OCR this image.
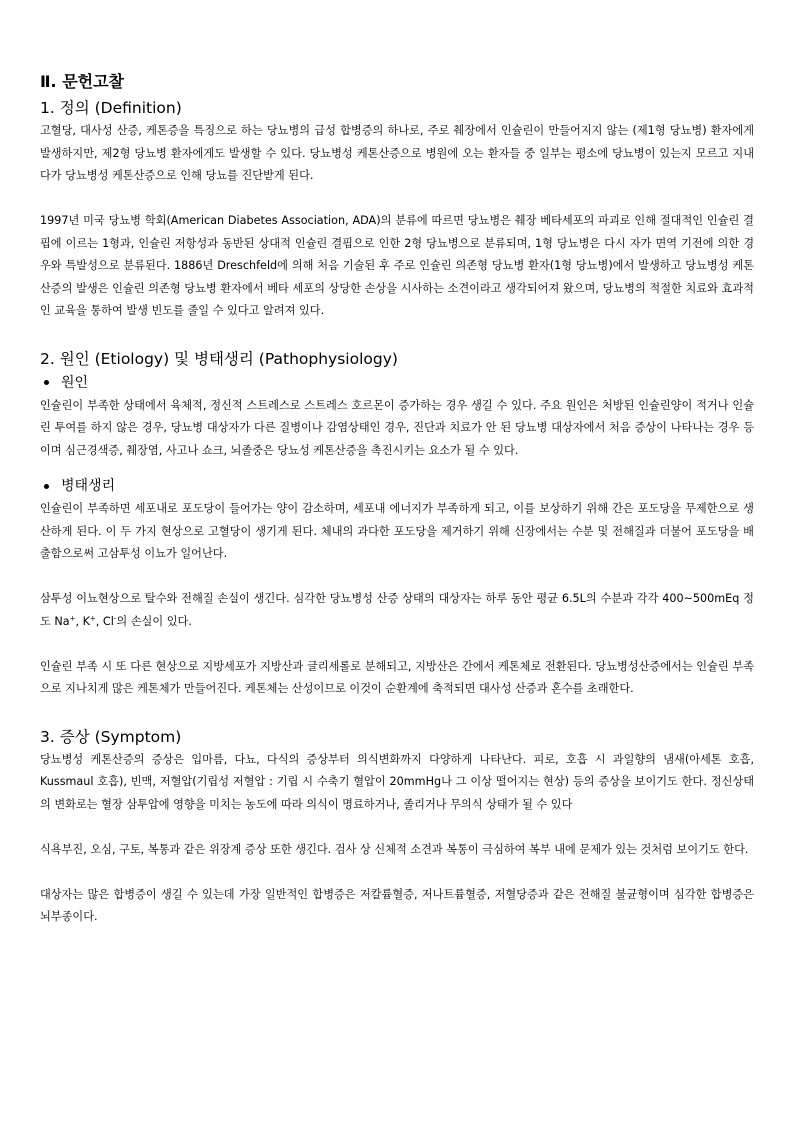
Ⅱ. 문헌고찰
1. 정의 (Definition)

고혈당, 대사성 산증, 케톤증을 특징으로 하는 당뇨병의 급성 합병증의 하나로, 주로 췌장에서 인슐린이 만들어지지 않는 (제1형 당뇨병) 환자에게 발생하지만, 제2형 당뇨병 환자에게도 발생할 수 있다. 당뇨병성 케톤산증으로 병원에 오는 환자들 중 일부는 평소에 당뇨병이 있는지 모르고 지내다가 당뇨병성 케톤산증으로 인해 당뇨를 진단받게 된다.

1997년 미국 당뇨병 학회(American Diabetes Association, ADA)의 분류에 따르면 당뇨병은 췌장 베타세포의 파괴로 인해 절대적인 인슐린 결핍에 이르는 1형과, 인슐린 저항성과 동반된 상대적 인슐린 결핍으로 인한 2형 당뇨병으로 분류되며, 1형 당뇨병은 다시 자가 면역 기전에 의한 경우와 특발성으로 분류된다. 1886년 Dreschfeld에 의해 처음 기술된 후 주로 인슐린 의존형 당뇨병 환자(1형 당뇨병)에서 발생하고 당뇨병성 케톤산증의 발생은 인슐린 의존형 당뇨병 환자에서 베타 세포의 상당한 손상을 시사하는 소견이라고 생각되어져 왔으며, 당뇨병의 적절한 치료와 효과적인 교육을 통하여 발생 빈도를 줄일 수 있다고 알려져 있다.

2. 원인 (Etiology) 및 병태생리 (Pathophysiology)
원인

인슐린이 부족한 상태에서 육체적, 정신적 스트레스로 스트레스 호르몬이 증가하는 경우 생길 수 있다. 주요 원인은 처방된 인슐린양이 적거나 인슐린 투여를 하지 않은 경우, 당뇨병 대상자가 다른 질병이나 감염상태인 경우, 진단과 치료가 안 된 당뇨병 대상자에서 처음 증상이 나타나는 경우 등이며 심근경색증, 췌장염, 사고나 쇼크, 뇌졸중은 당뇨성 케톤산증을 촉진시키는 요소가 될 수 있다.

병태생리

인슐린이 부족하면 세포내로 포도당이 들어가는 양이 감소하며, 세포내 에너지가 부족하게 되고, 이를 보상하기 위해 간은 포도당을 무제한으로 생산하게 된다. 이 두 가지 현상으로 고혈당이 생기게 된다. 체내의 과다한 포도당을 제거하기 위해 신장에서는 수분 및 전해질과 더불어 포도당을 배출함으로써 고삼투성 이뇨가 일어난다.

삼투성 이뇨현상으로 탈수와 전해질 손실이 생긴다. 심각한 당뇨병성 산증 상태의 대상자는 하루 동안 평균 6.5L의 수분과 각각 400~500mEq 정도 Na+, K+, Cl-의 손실이 있다.

인슐린 부족 시 또 다른 현상으로 지방세포가 지방산과 글리세롤로 분해되고, 지방산은 간에서 케톤체로 전환된다. 당뇨병성산증에서는 인슐린 부족으로 지나치게 많은 케톤체가 만들어진다. 케톤체는 산성이므로 이것이 순환계에 축적되면 대사성 산증과 혼수를 초래한다.

3. 증상 (Symptom)

당뇨병성 케톤산증의 증상은 입마름, 다뇨, 다식의 증상부터 의식변화까지 다양하게 나타난다. 피로, 호흡 시 과일향의 냄새(아세톤 호흡, Kussmaul 호흡), 빈맥, 저혈압(기립성 저혈압 : 기립 시 수축기 혈압이 20mmHg나 그 이상 떨어지는 현상) 등의 증상을 보이기도 한다. 정신상태의 변화로는 혈장 삼투압에 영향을 미치는 농도에 따라 의식이 명료하거나, 졸리거나 무의식 상태가 될 수 있다

식욕부진, 오심, 구토, 복통과 같은 위장계 증상 또한 생긴다. 검사 상 신체적 소견과 복통이 극심하여 복부 내에 문제가 있는 것처럼 보이기도 한다.

대상자는 많은 합병증이 생길 수 있는데 가장 일반적인 합병증은 저칼륨혈증, 저나트륨혈증, 저혈당증과 같은 전해질 불균형이며 심각한 합병증은 뇌부종이다.
